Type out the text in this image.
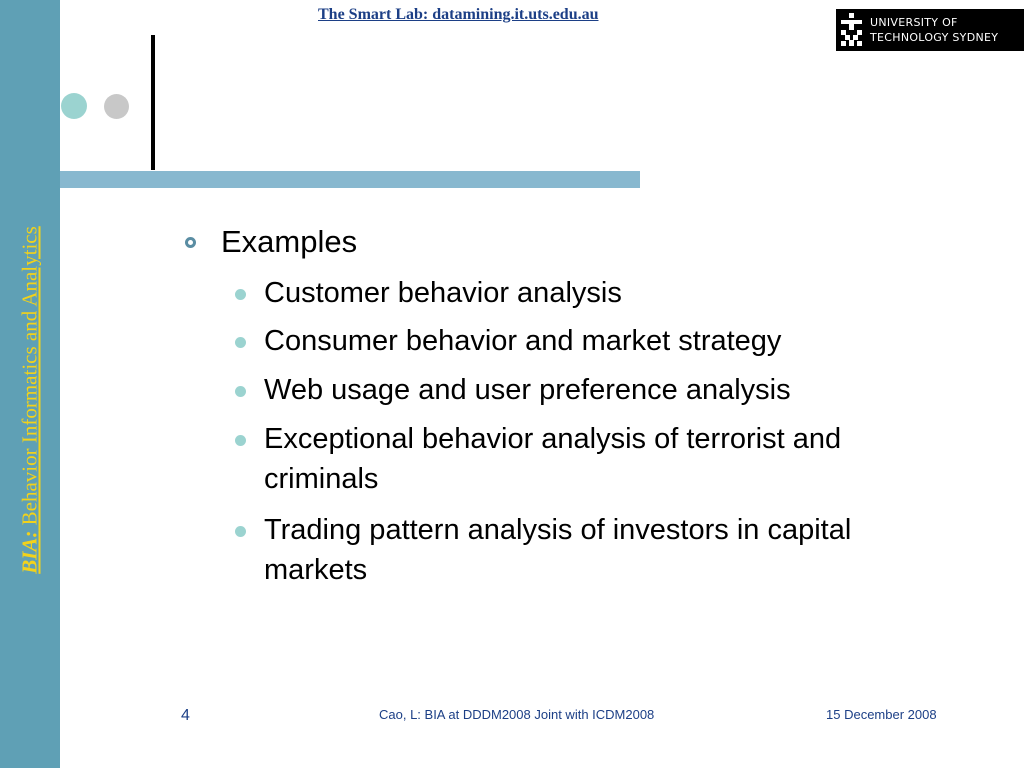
BIA: Behavior Informatics and Analytics
The Smart Lab: datamining.it.uts.edu.au	UNIVERSITY OF
TECHNOLOGY SYDNEY
Examples
Customer behavior analysis
Consumer behavior and market strategy
Web usage and user preference analysis
Exceptional behavior analysis of terrorist and criminals
Trading pattern analysis of investors in capital markets
4	Cao, L: BIA at DDDM2008 Joint with ICDM2008	15 December 2008
